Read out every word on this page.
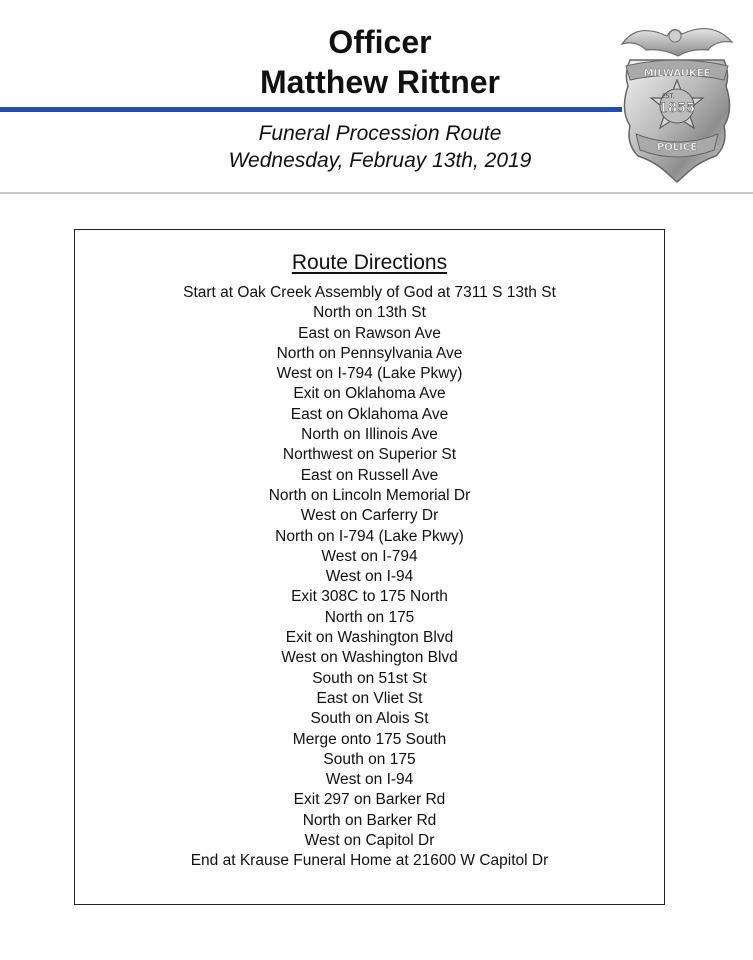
Officer
Matthew Rittner

Funeral Procession Route

Wednesday, Februay 13th, 2019

MILWAUKEE
EST.
1855
POLICE
Route Directions
Start at Oak Creek Assembly of God at 7311 S 13th St
North on 13th St
East on Rawson Ave
North on Pennsylvania Ave
West on I-794 (Lake Pkwy)
Exit on Oklahoma Ave
East on Oklahoma Ave
North on Illinois Ave
Northwest on Superior St
East on Russell Ave
North on Lincoln Memorial Dr
West on Carferry Dr
North on I-794 (Lake Pkwy)
West on I-794
West on I-94
Exit 308C to 175 North
North on 175
Exit on Washington Blvd
West on Washington Blvd
South on 51st St
East on Vliet St
South on Alois St
Merge onto 175 South
South on 175
West on I-94
Exit 297 on Barker Rd
North on Barker Rd
West on Capitol Dr
End at Krause Funeral Home at 21600 W Capitol Dr
